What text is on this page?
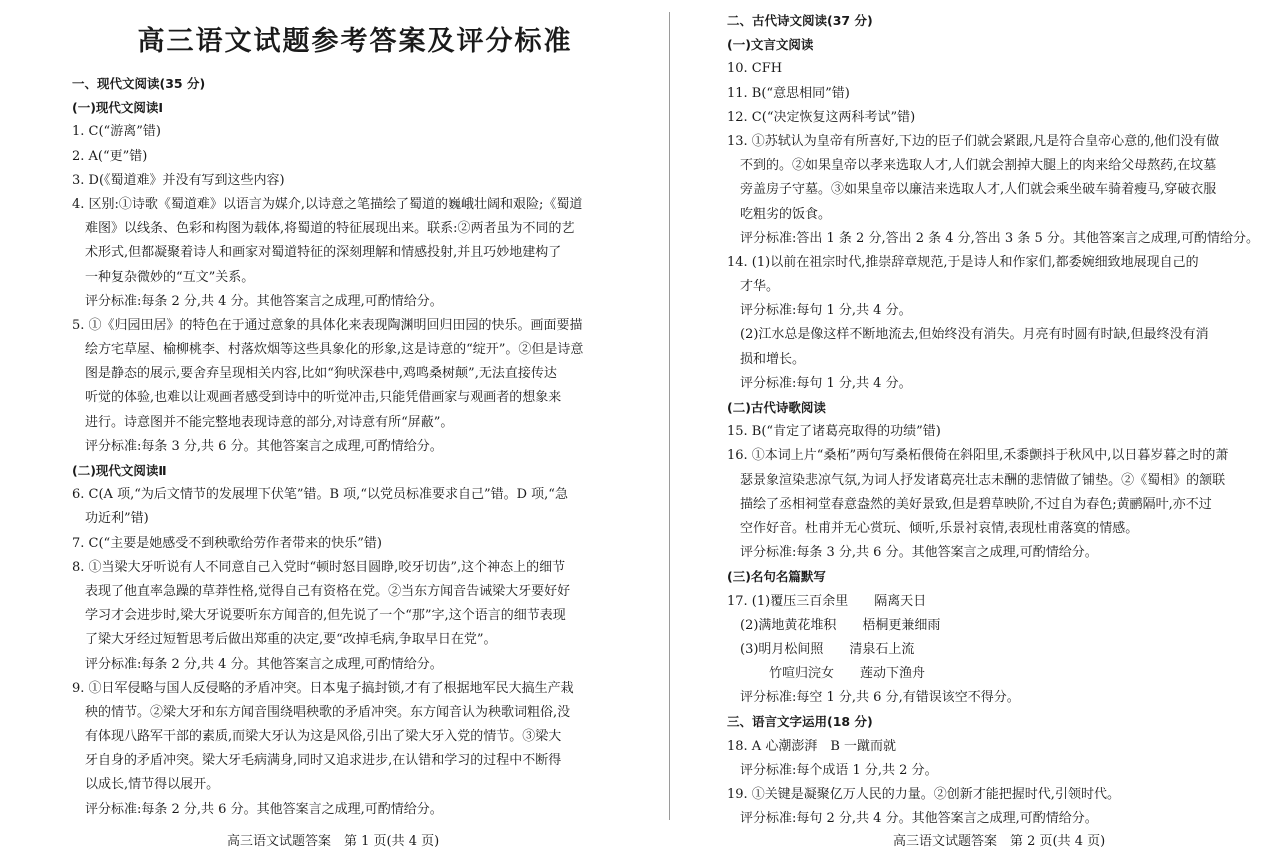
高三语文试题参考答案及评分标准
一、现代文阅读(35 分)
(一)现代文阅读Ⅰ
1. C(“游离”错)
2. A(“更”错)
3. D(《蜀道难》并没有写到这些内容)
4. 区别:①诗歌《蜀道难》以语言为媒介,以诗意之笔描绘了蜀道的巍峨壮阔和艰险;《蜀道
难图》以线条、色彩和构图为载体,将蜀道的特征展现出来。联系:②两者虽为不同的艺
术形式,但都凝聚着诗人和画家对蜀道特征的深刻理解和情感投射,并且巧妙地建构了
一种复杂微妙的“互文”关系。
评分标准:每条 2 分,共 4 分。其他答案言之成理,可酌情给分。
5. ①《归园田居》的特色在于通过意象的具体化来表现陶渊明回归田园的快乐。画面要描
绘方宅草屋、榆柳桃李、村落炊烟等这些具象化的形象,这是诗意的“绽开”。②但是诗意
图是静态的展示,要舍弃呈现相关内容,比如“狗吠深巷中,鸡鸣桑树颠”,无法直接传达
听觉的体验,也难以让观画者感受到诗中的听觉冲击,只能凭借画家与观画者的想象来
进行。诗意图并不能完整地表现诗意的部分,对诗意有所“屏蔽”。
评分标准:每条 3 分,共 6 分。其他答案言之成理,可酌情给分。
(二)现代文阅读Ⅱ
6. C(A 项,“为后文情节的发展埋下伏笔”错。B 项,“以党员标准要求自己”错。D 项,“急
功近利”错)
7. C(“主要是她感受不到秧歌给劳作者带来的快乐”错)
8. ①当梁大牙听说有人不同意自己入党时“顿时怒目圆睁,咬牙切齿”,这个神态上的细节
表现了他直率急躁的草莽性格,觉得自己有资格在党。②当东方闻音告诫梁大牙要好好
学习才会进步时,梁大牙说要听东方闻音的,但先说了一个“那”字,这个语言的细节表现
了梁大牙经过短暂思考后做出郑重的决定,要“改掉毛病,争取早日在党”。
评分标准:每条 2 分,共 4 分。其他答案言之成理,可酌情给分。
9. ①日军侵略与国人反侵略的矛盾冲突。日本鬼子搞封锁,才有了根据地军民大搞生产栽
秧的情节。②梁大牙和东方闻音围绕唱秧歌的矛盾冲突。东方闻音认为秧歌词粗俗,没
有体现八路军干部的素质,而梁大牙认为这是风俗,引出了梁大牙入党的情节。③梁大
牙自身的矛盾冲突。梁大牙毛病满身,同时又追求进步,在认错和学习的过程中不断得
以成长,情节得以展开。
评分标准:每条 2 分,共 6 分。其他答案言之成理,可酌情给分。
二、古代诗文阅读(37 分)
(一)文言文阅读
10. CFH
11. B(“意思相同”错)
12. C(“决定恢复这两科考试”错)
13. ①苏轼认为皇帝有所喜好,下边的臣子们就会紧跟,凡是符合皇帝心意的,他们没有做
不到的。②如果皇帝以孝来选取人才,人们就会割掉大腿上的肉来给父母熬药,在坟墓
旁盖房子守墓。③如果皇帝以廉洁来选取人才,人们就会乘坐破车骑着瘦马,穿破衣服
吃粗劣的饭食。
评分标准:答出 1 条 2 分,答出 2 条 4 分,答出 3 条 5 分。其他答案言之成理,可酌情给分。
14. (1)以前在祖宗时代,推崇辞章规范,于是诗人和作家们,都委婉细致地展现自己的
才华。
评分标准:每句 1 分,共 4 分。
(2)江水总是像这样不断地流去,但始终没有消失。月亮有时圆有时缺,但最终没有消
损和增长。
评分标准:每句 1 分,共 4 分。
(二)古代诗歌阅读
15. B(“肯定了诸葛亮取得的功绩”错)
16. ①本词上片“桑柘”两句写桑柘偎倚在斜阳里,禾黍颤抖于秋风中,以日暮岁暮之时的萧
瑟景象渲染悲凉气氛,为词人抒发诸葛亮壮志未酬的悲情做了铺垫。②《蜀相》的颔联
描绘了丞相祠堂春意盎然的美好景致,但是碧草映阶,不过自为春色;黄鹂隔叶,亦不过
空作好音。杜甫并无心赏玩、倾听,乐景衬哀情,表现杜甫落寞的情感。
评分标准:每条 3 分,共 6 分。其他答案言之成理,可酌情给分。
(三)名句名篇默写
17. (1)覆压三百余里　　隔离天日
(2)满地黄花堆积　　梧桐更兼细雨
(3)明月松间照　　清泉石上流
竹喧归浣女　　莲动下渔舟
评分标准:每空 1 分,共 6 分,有错误该空不得分。
三、语言文字运用(18 分)
18. A 心潮澎湃　B 一蹴而就
评分标准:每个成语 1 分,共 2 分。
19. ①关键是凝聚亿万人民的力量。②创新才能把握时代,引领时代。
评分标准:每句 2 分,共 4 分。其他答案言之成理,可酌情给分。
高三语文试题答案　第 1 页(共 4 页)	高三语文试题答案　第 2 页(共 4 页)
